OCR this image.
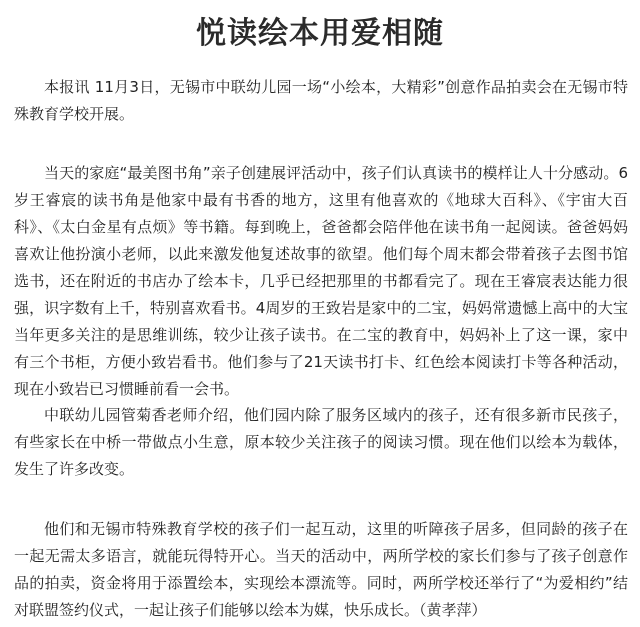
悦读绘本用爱相随

本报讯 11月3日，无锡市中联幼儿园一场“小绘本，大精彩”创意作品拍卖会在无锡市特殊教育学校开展。

当天的家庭“最美图书角”亲子创建展评活动中，孩子们认真读书的模样让人十分感动。6岁王睿宸的读书角是他家中最有书香的地方，这里有他喜欢的《地球大百科》、《宇宙大百科》、《太白金星有点烦》等书籍。每到晚上，爸爸都会陪伴他在读书角一起阅读。爸爸妈妈喜欢让他扮演小老师，以此来激发他复述故事的欲望。他们每个周末都会带着孩子去图书馆选书，还在附近的书店办了绘本卡，几乎已经把那里的书都看完了。现在王睿宸表达能力很强，识字数有上千，特别喜欢看书。4周岁的王致岩是家中的二宝，妈妈常遗憾上高中的大宝当年更多关注的是思维训练，较少让孩子读书。在二宝的教育中，妈妈补上了这一课，家中有三个书柜，方便小致岩看书。他们参与了21天读书打卡、红色绘本阅读打卡等各种活动，现在小致岩已习惯睡前看一会书。

中联幼儿园管菊香老师介绍，他们园内除了服务区域内的孩子，还有很多新市民孩子，有些家长在中桥一带做点小生意，原本较少关注孩子的阅读习惯。现在他们以绘本为载体，发生了许多改变。

他们和无锡市特殊教育学校的孩子们一起互动，这里的听障孩子居多，但同龄的孩子在一起无需太多语言，就能玩得特开心。当天的活动中，两所学校的家长们参与了孩子创意作品的拍卖，资金将用于添置绘本，实现绘本漂流等。同时，两所学校还举行了“为爱相约”结对联盟签约仪式，一起让孩子们能够以绘本为媒，快乐成长。（黄孝萍）
